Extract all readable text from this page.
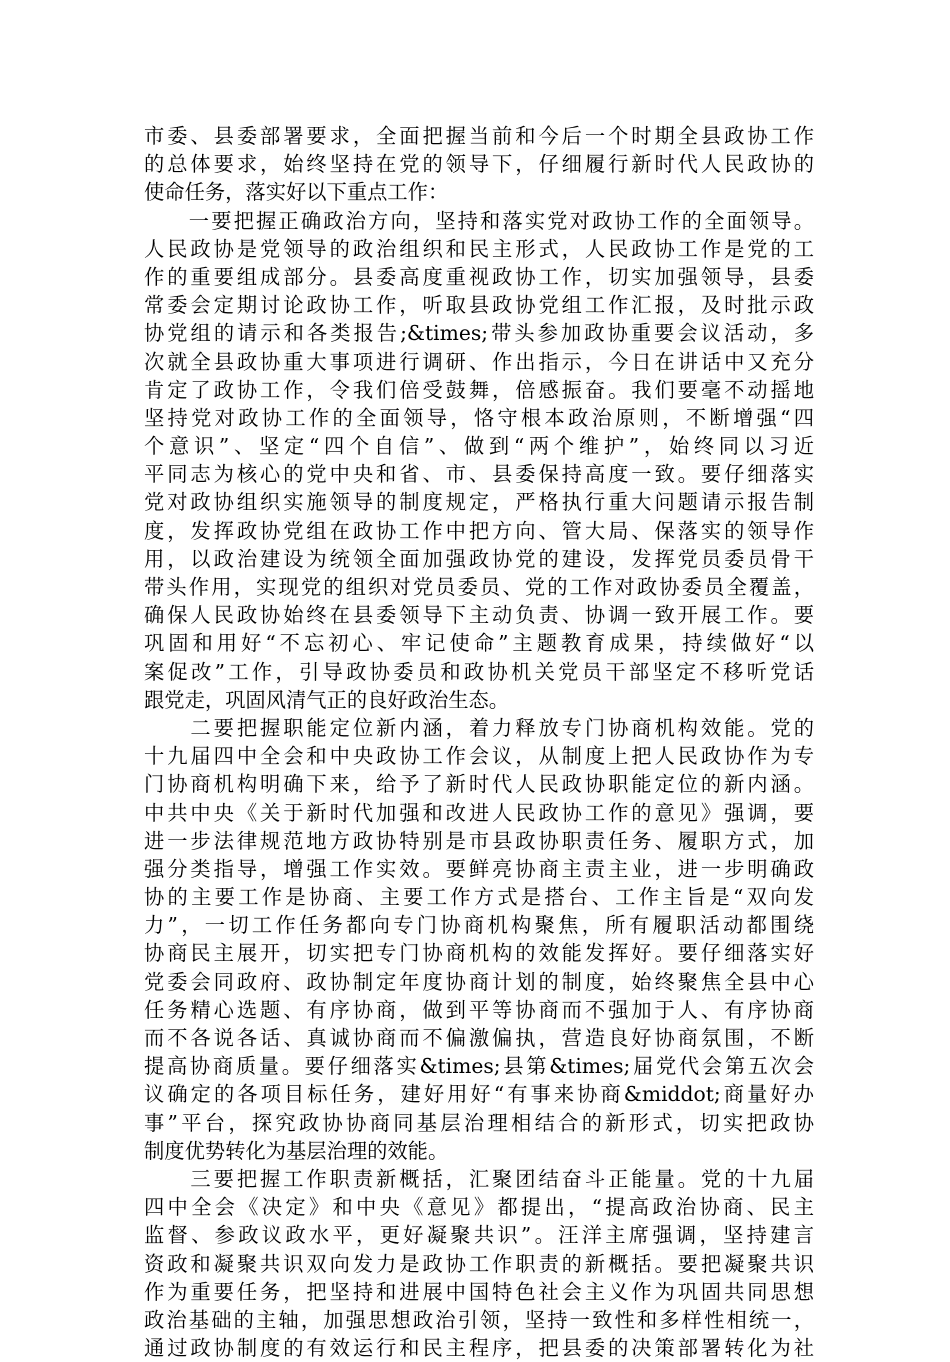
市委、县委部署要求，全面把握当前和今后一个时期全县政协工作
的总体要求，始终坚持在党的领导下，仔细履行新时代人民政协的
使命任务，落实好以下重点工作：
　　一要把握正确政治方向，坚持和落实党对政协工作的全面领导。
人民政协是党领导的政治组织和民主形式，人民政协工作是党的工
作的重要组成部分。县委高度重视政协工作，切实加强领导，县委
常委会定期讨论政协工作，听取县政协党组工作汇报，及时批示政
协党组的请示和各类报告;&times;带头参加政协重要会议活动，多
次就全县政协重大事项进行调研、作出指示，今日在讲话中又充分
肯定了政协工作，令我们倍受鼓舞，倍感振奋。我们要毫不动摇地
坚持党对政协工作的全面领导，恪守根本政治原则，不断增强“四
个意识”、坚定“四个自信”、做到“两个维护”，始终同以习近
平同志为核心的党中央和省、市、县委保持高度一致。要仔细落实
党对政协组织实施领导的制度规定，严格执行重大问题请示报告制
度，发挥政协党组在政协工作中把方向、管大局、保落实的领导作
用，以政治建设为统领全面加强政协党的建设，发挥党员委员骨干
带头作用，实现党的组织对党员委员、党的工作对政协委员全覆盖，
确保人民政协始终在县委领导下主动负责、协调一致开展工作。要
巩固和用好“不忘初心、牢记使命”主题教育成果，持续做好“以
案促改”工作，引导政协委员和政协机关党员干部坚定不移听党话
跟党走，巩固风清气正的良好政治生态。
　　二要把握职能定位新内涵，着力释放专门协商机构效能。党的
十九届四中全会和中央政协工作会议，从制度上把人民政协作为专
门协商机构明确下来，给予了新时代人民政协职能定位的新内涵。
中共中央《关于新时代加强和改进人民政协工作的意见》强调，要
进一步法律规范地方政协特别是市县政协职责任务、履职方式，加
强分类指导，增强工作实效。要鲜亮协商主责主业，进一步明确政
协的主要工作是协商、主要工作方式是搭台、工作主旨是“双向发
力”，一切工作任务都向专门协商机构聚焦，所有履职活动都围绕
协商民主展开，切实把专门协商机构的效能发挥好。要仔细落实好
党委会同政府、政协制定年度协商计划的制度，始终聚焦全县中心
任务精心选题、有序协商，做到平等协商而不强加于人、有序协商
而不各说各话、真诚协商而不偏激偏执，营造良好协商氛围，不断
提高协商质量。要仔细落实&times;县第&times;届党代会第五次会
议确定的各项目标任务，建好用好“有事来协商&middot;商量好办
事”平台，探究政协协商同基层治理相结合的新形式，切实把政协
制度优势转化为基层治理的效能。
　　三要把握工作职责新概括，汇聚团结奋斗正能量。党的十九届
四中全会《决定》和中央《意见》都提出，“提高政治协商、民主
监督、参政议政水平，更好凝聚共识”。汪洋主席强调，坚持建言
资政和凝聚共识双向发力是政协工作职责的新概括。要把凝聚共识
作为重要任务，把坚持和进展中国特色社会主义作为巩固共同思想
政治基础的主轴，加强思想政治引领，坚持一致性和多样性相统一，
通过政协制度的有效运行和民主程序，把县委的决策部署转化为社
